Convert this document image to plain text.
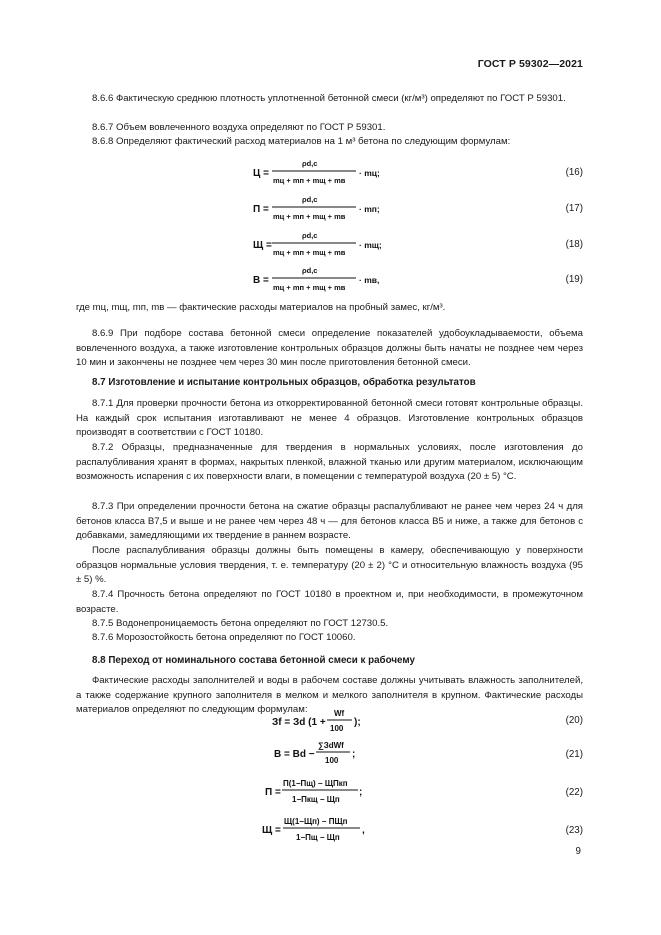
ГОСТ Р 59302—2021
8.6.6 Фактическую среднюю плотность уплотненной бетонной смеси (кг/м³) определяют по ГОСТ Р 59301.
8.6.7 Объем вовлеченного воздуха определяют по ГОСТ Р 59301.
8.6.8 Определяют фактический расход материалов на 1 м³ бетона по следующим формулам:
Ц =
ρd,c
mц + mп + mщ + mв
· mц;	(16)
П =
ρd,c
mц + mп + mщ + mв
· mп;	(17)
Щ =
ρd,c
mц + mп + mщ + mв
· mщ;	(18)
В =
ρd,c
mц + mп + mщ + mв
· mв,	(19)
где mц, mщ, mп, mв — фактические расходы материалов на пробный замес, кг/м³.
8.6.9 При подборе состава бетонной смеси определение показателей удобоукладываемости, объема вовлеченного воздуха, а также изготовление контрольных образцов должны быть начаты не позднее чем через 10 мин и закончены не позднее чем через 30 мин после приготовления бетонной смеси.
8.7 Изготовление и испытание контрольных образцов, обработка результатов
8.7.1 Для проверки прочности бетона из откорректированной бетонной смеси готовят контрольные образцы. На каждый срок испытания изготавливают не менее 4 образцов. Изготовление контрольных образцов производят в соответствии с ГОСТ 10180.
8.7.2 Образцы, предназначенные для твердения в нормальных условиях, после изготовления до распалубливания хранят в формах, накрытых пленкой, влажной тканью или другим материалом, исключающим возможность испарения с их поверхности влаги, в помещении с температурой воздуха (20 ± 5) °С.
8.7.3 При определении прочности бетона на сжатие образцы распалубливают не ранее чем через 24 ч для бетонов класса В7,5 и выше и не ранее чем через 48 ч — для бетонов класса В5 и ниже, а также для бетонов с добавками, замедляющими их твердение в раннем возрасте.
После распалубливания образцы должны быть помещены в камеру, обеспечивающую у поверхности образцов нормальные условия твердения, т. е. температуру (20 ± 2) °С и относительную влажность воздуха (95 ± 5) %.
8.7.4 Прочность бетона определяют по ГОСТ 10180 в проектном и, при необходимости, в промежуточном возрасте.
8.7.5 Водонепроницаемость бетона определяют по ГОСТ 12730.5.
8.7.6 Морозостойкость бетона определяют по ГОСТ 10060.
8.8 Переход от номинального состава бетонной смеси к рабочему
Фактические расходы заполнителей и воды в рабочем составе должны учитывать влажность заполнителей, а также содержание крупного заполнителя в мелком и мелкого заполнителя в крупном. Фактические расходы материалов определяют по следующим формулам:
Зf = Зd (1 +
Wf
100
);	(20)
В = Вd −
∑ЗdWf
100
;	(21)
П =
П(1−Пщ) − ЩПкп
1−Пкщ − Щп
;	(22)
Щ =
Щ(1−Щп) − ПЩп
1−Пщ − Щп
,	(23)
9
